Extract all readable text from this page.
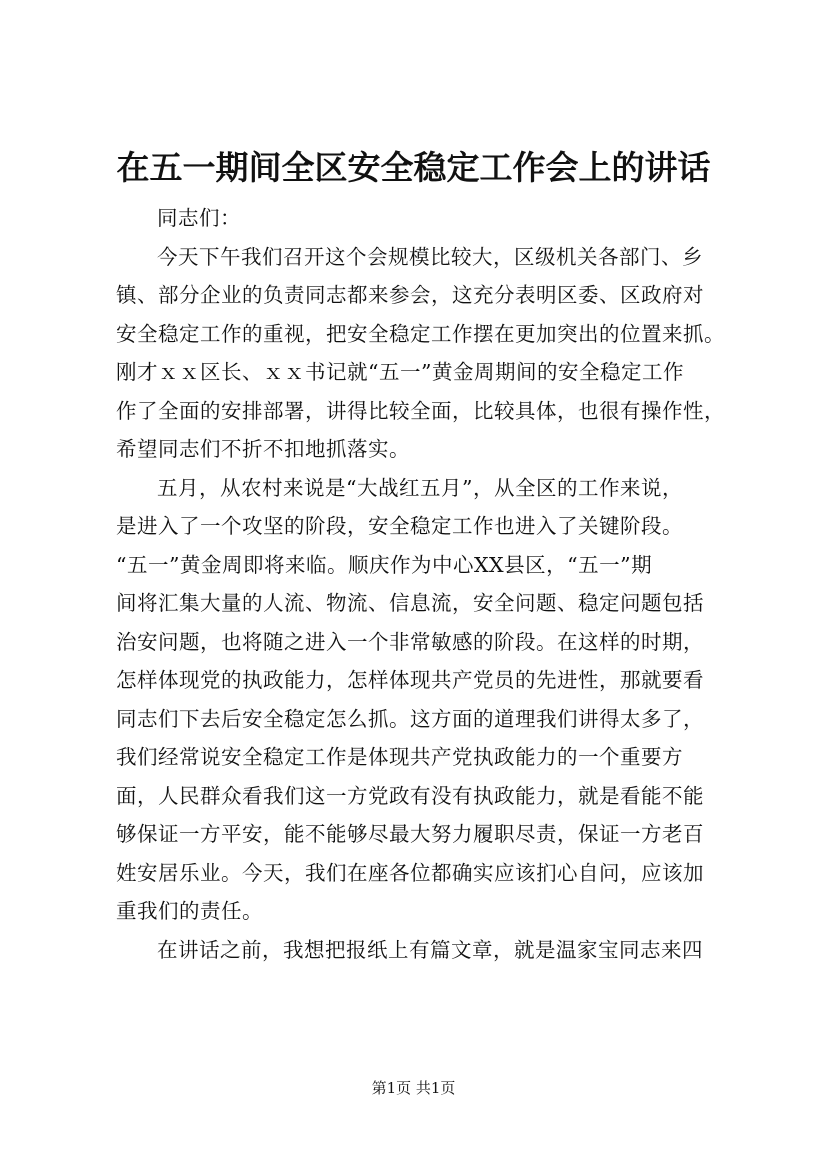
在五一期间全区安全稳定工作会上的讲话
同志们：
今天下午我们召开这个会规模比较大，区级机关各部门、乡
镇、部分企业的负责同志都来参会，这充分表明区委、区政府对
安全稳定工作的重视，把安全稳定工作摆在更加突出的位置来抓。
刚才ｘｘ区长、ｘｘ书记就“五一”黄金周期间的安全稳定工作
作了全面的安排部署，讲得比较全面，比较具体，也很有操作性，
希望同志们不折不扣地抓落实。
五月，从农村来说是“大战红五月”，从全区的工作来说，
是进入了一个攻坚的阶段，安全稳定工作也进入了关键阶段。
“五一”黄金周即将来临。顺庆作为中心XX县区，“五一”期
间将汇集大量的人流、物流、信息流，安全问题、稳定问题包括
治安问题，也将随之进入一个非常敏感的阶段。在这样的时期，
怎样体现党的执政能力，怎样体现共产党员的先进性，那就要看
同志们下去后安全稳定怎么抓。这方面的道理我们讲得太多了，
我们经常说安全稳定工作是体现共产党执政能力的一个重要方
面，人民群众看我们这一方党政有没有执政能力，就是看能不能
够保证一方平安，能不能够尽最大努力履职尽责，保证一方老百
姓安居乐业。今天，我们在座各位都确实应该扪心自问，应该加
重我们的责任。
在讲话之前，我想把报纸上有篇文章，就是温家宝同志来四
第1页 共1页
